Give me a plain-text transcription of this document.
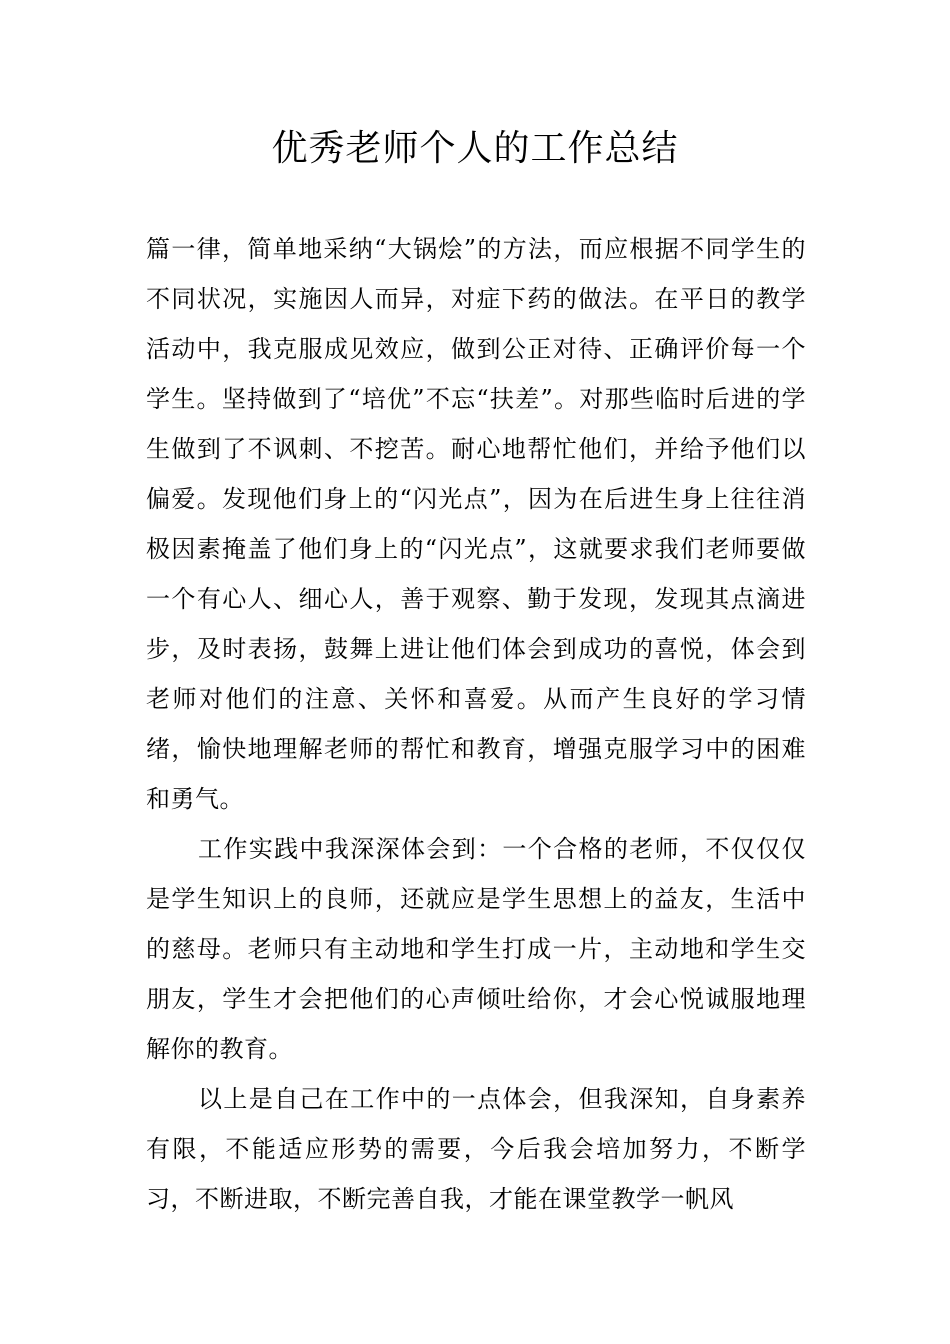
优秀老师个人的工作总结

篇一律，简单地采纳“大锅烩”的方法，而应根据不同学生的不同状况，实施因人而异，对症下药的做法。在平日的教学活动中，我克服成见效应，做到公正对待、正确评价每一个学生。坚持做到了“培优”不忘“扶差”。对那些临时后进的学生做到了不讽刺、不挖苦。耐心地帮忙他们，并给予他们以偏爱。发现他们身上的“闪光点”，因为在后进生身上往往消极因素掩盖了他们身上的“闪光点”，这就要求我们老师要做一个有心人、细心人，善于观察、勤于发现，发现其点滴进步，及时表扬，鼓舞上进让他们体会到成功的喜悦，体会到老师对他们的注意、关怀和喜爱。从而产生良好的学习情绪，愉快地理解老师的帮忙和教育，增强克服学习中的困难和勇气。

工作实践中我深深体会到：一个合格的老师，不仅仅仅是学生知识上的良师，还就应是学生思想上的益友，生活中的慈母。老师只有主动地和学生打成一片，主动地和学生交朋友，学生才会把他们的心声倾吐给你，才会心悦诚服地理解你的教育。

以上是自己在工作中的一点体会，但我深知，自身素养有限，不能适应形势的需要，今后我会培加努力，不断学习，不断进取，不断完善自我，才能在课堂教学一帆风
